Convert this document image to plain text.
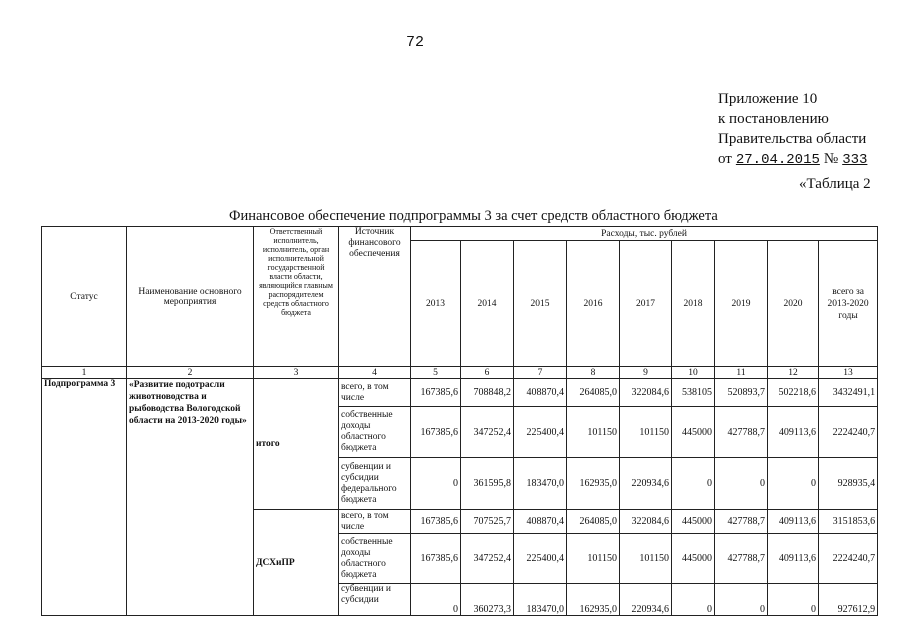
72
Приложение 10
к постановлению
Правительства области
от 27.04.2015 № 333
«Таблица 2
Финансовое обеспечение подпрограммы 3 за счет средств областного бюджета
Статус	Наименование основного мероприятия	Ответственный исполнитель, исполнитель, орган исполнительной государственной власти области, являющийся главным распорядителем средств областного бюджета	Источник финансового обеспечения	Расходы, тыс. рублей								
				2013	2014	2015	2016	2017	2018	2019	2020	всего за 2013-2020 годы
1	2	3	4	5	6	7	8	9	10	11	12	13
Подпрограмма 3	«Развитие подотрасли животноводства и рыбоводства Вологодской области на 2013-2020 годы»	итого	всего, в том числе	167385,6	708848,2	408870,4	264085,0	322084,6	538105	520893,7	502218,6	3432491,1
			собственные доходы областного бюджета	167385,6	347252,4	225400,4	101150	101150	445000	427788,7	409113,6	2224240,7
			субвенции и субсидии федерального бюджета	0	361595,8	183470,0	162935,0	220934,6	0	0	0	928935,4
		ДСХиПР	всего, в том числе	167385,6	707525,7	408870,4	264085,0	322084,6	445000	427788,7	409113,6	3151853,6
			собственные доходы областного бюджета	167385,6	347252,4	225400,4	101150	101150	445000	427788,7	409113,6	2224240,7
			субвенции и субсидии	0	360273,3	183470,0	162935,0	220934,6	0	0	0	927612,9
